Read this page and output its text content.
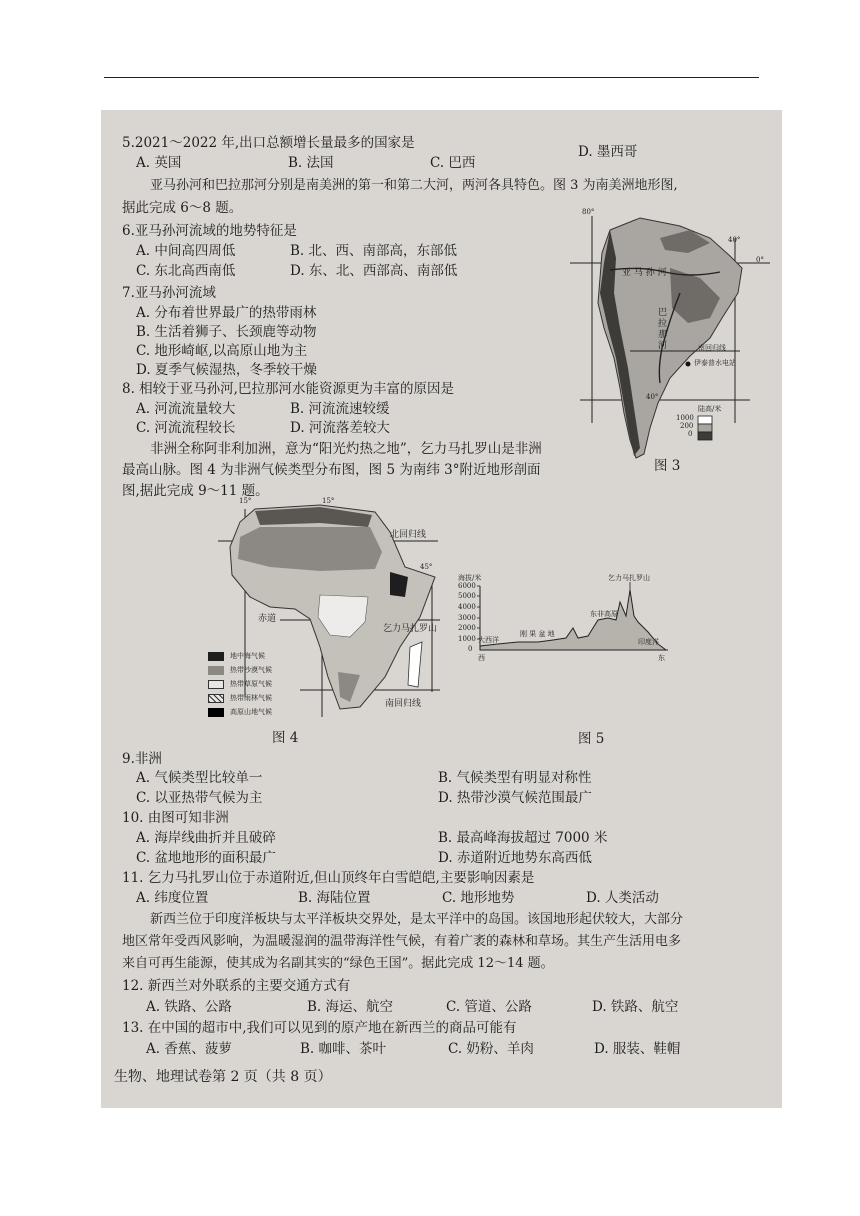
5.2021～2022 年,出口总额增长量最多的国家是
A. 英国	B. 法国	C. 巴西
D. 墨西哥
亚马孙河和巴拉那河分别是南美洲的第一和第二大河，两河各具特色。图 3 为南美洲地形图,
据此完成 6～8 题。
6.亚马孙河流域的地势特征是
A. 中间高四周低	B. 北、西、南部高，东部低
C. 东北高西南低	D. 东、北、西部高、南部低
7.亚马孙河流域
A. 分布着世界最广的热带雨林
B. 生活着狮子、长颈鹿等动物
C. 地形崎岖,以高原山地为主
D. 夏季气候湿热，冬季较干燥
8. 相较于亚马孙河,巴拉那河水能资源更为丰富的原因是
A. 河流流量较大	B. 河流流速较缓
C. 河流流程较长	D. 河流落差较大
非洲全称阿非利加洲，意为“阳光灼热之地”，乞力马扎罗山是非洲
最高山脉。图 4 为非洲气候类型分布图，图 5 为南纬 3°附近地形剖面
图,据此完成 9～11 题。
80°
40°
0°
40°
亚 马 孙 河
巴 拉 那 河	南回归线
伊泰普水电站
陆高/米
1000
200
0
图 3
15°	15°
45°
北回归线
赤道
乞力马扎罗山
南回归线
地中海气候
热带沙漠气候
热带草原气候
热带雨林气候
高原山地气候
图 4
海拔/米
6000
5000
4000
3000
2000
1000
0
乞力马扎罗山
大西洋
刚 果 盆 地
东非高原
印度洋
西	东
图 5
9.非洲
A. 气候类型比较单一	B. 气候类型有明显对称性
C. 以亚热带气候为主	D. 热带沙漠气候范围最广
10. 由图可知非洲
A. 海岸线曲折并且破碎	B. 最高峰海拔超过 7000 米
C. 盆地地形的面积最广	D. 赤道附近地势东高西低
11. 乞力马扎罗山位于赤道附近,但山顶终年白雪皑皑,主要影响因素是
A. 纬度位置	B. 海陆位置	C. 地形地势	D. 人类活动
新西兰位于印度洋板块与太平洋板块交界处，是太平洋中的岛国。该国地形起伏较大，大部分
地区常年受西风影响，为温暖湿润的温带海洋性气候，有着广袤的森林和草场。其生产生活用电多
来自可再生能源，使其成为名副其实的“绿色王国”。据此完成 12～14 题。
12. 新西兰对外联系的主要交通方式有
A. 铁路、公路	B. 海运、航空	C. 管道、公路	D. 铁路、航空
13. 在中国的超市中,我们可以见到的原产地在新西兰的商品可能有
A. 香蕉、菠萝	B. 咖啡、茶叶	C. 奶粉、羊肉	D. 服装、鞋帽
生物、地理试卷第 2 页（共 8 页）
